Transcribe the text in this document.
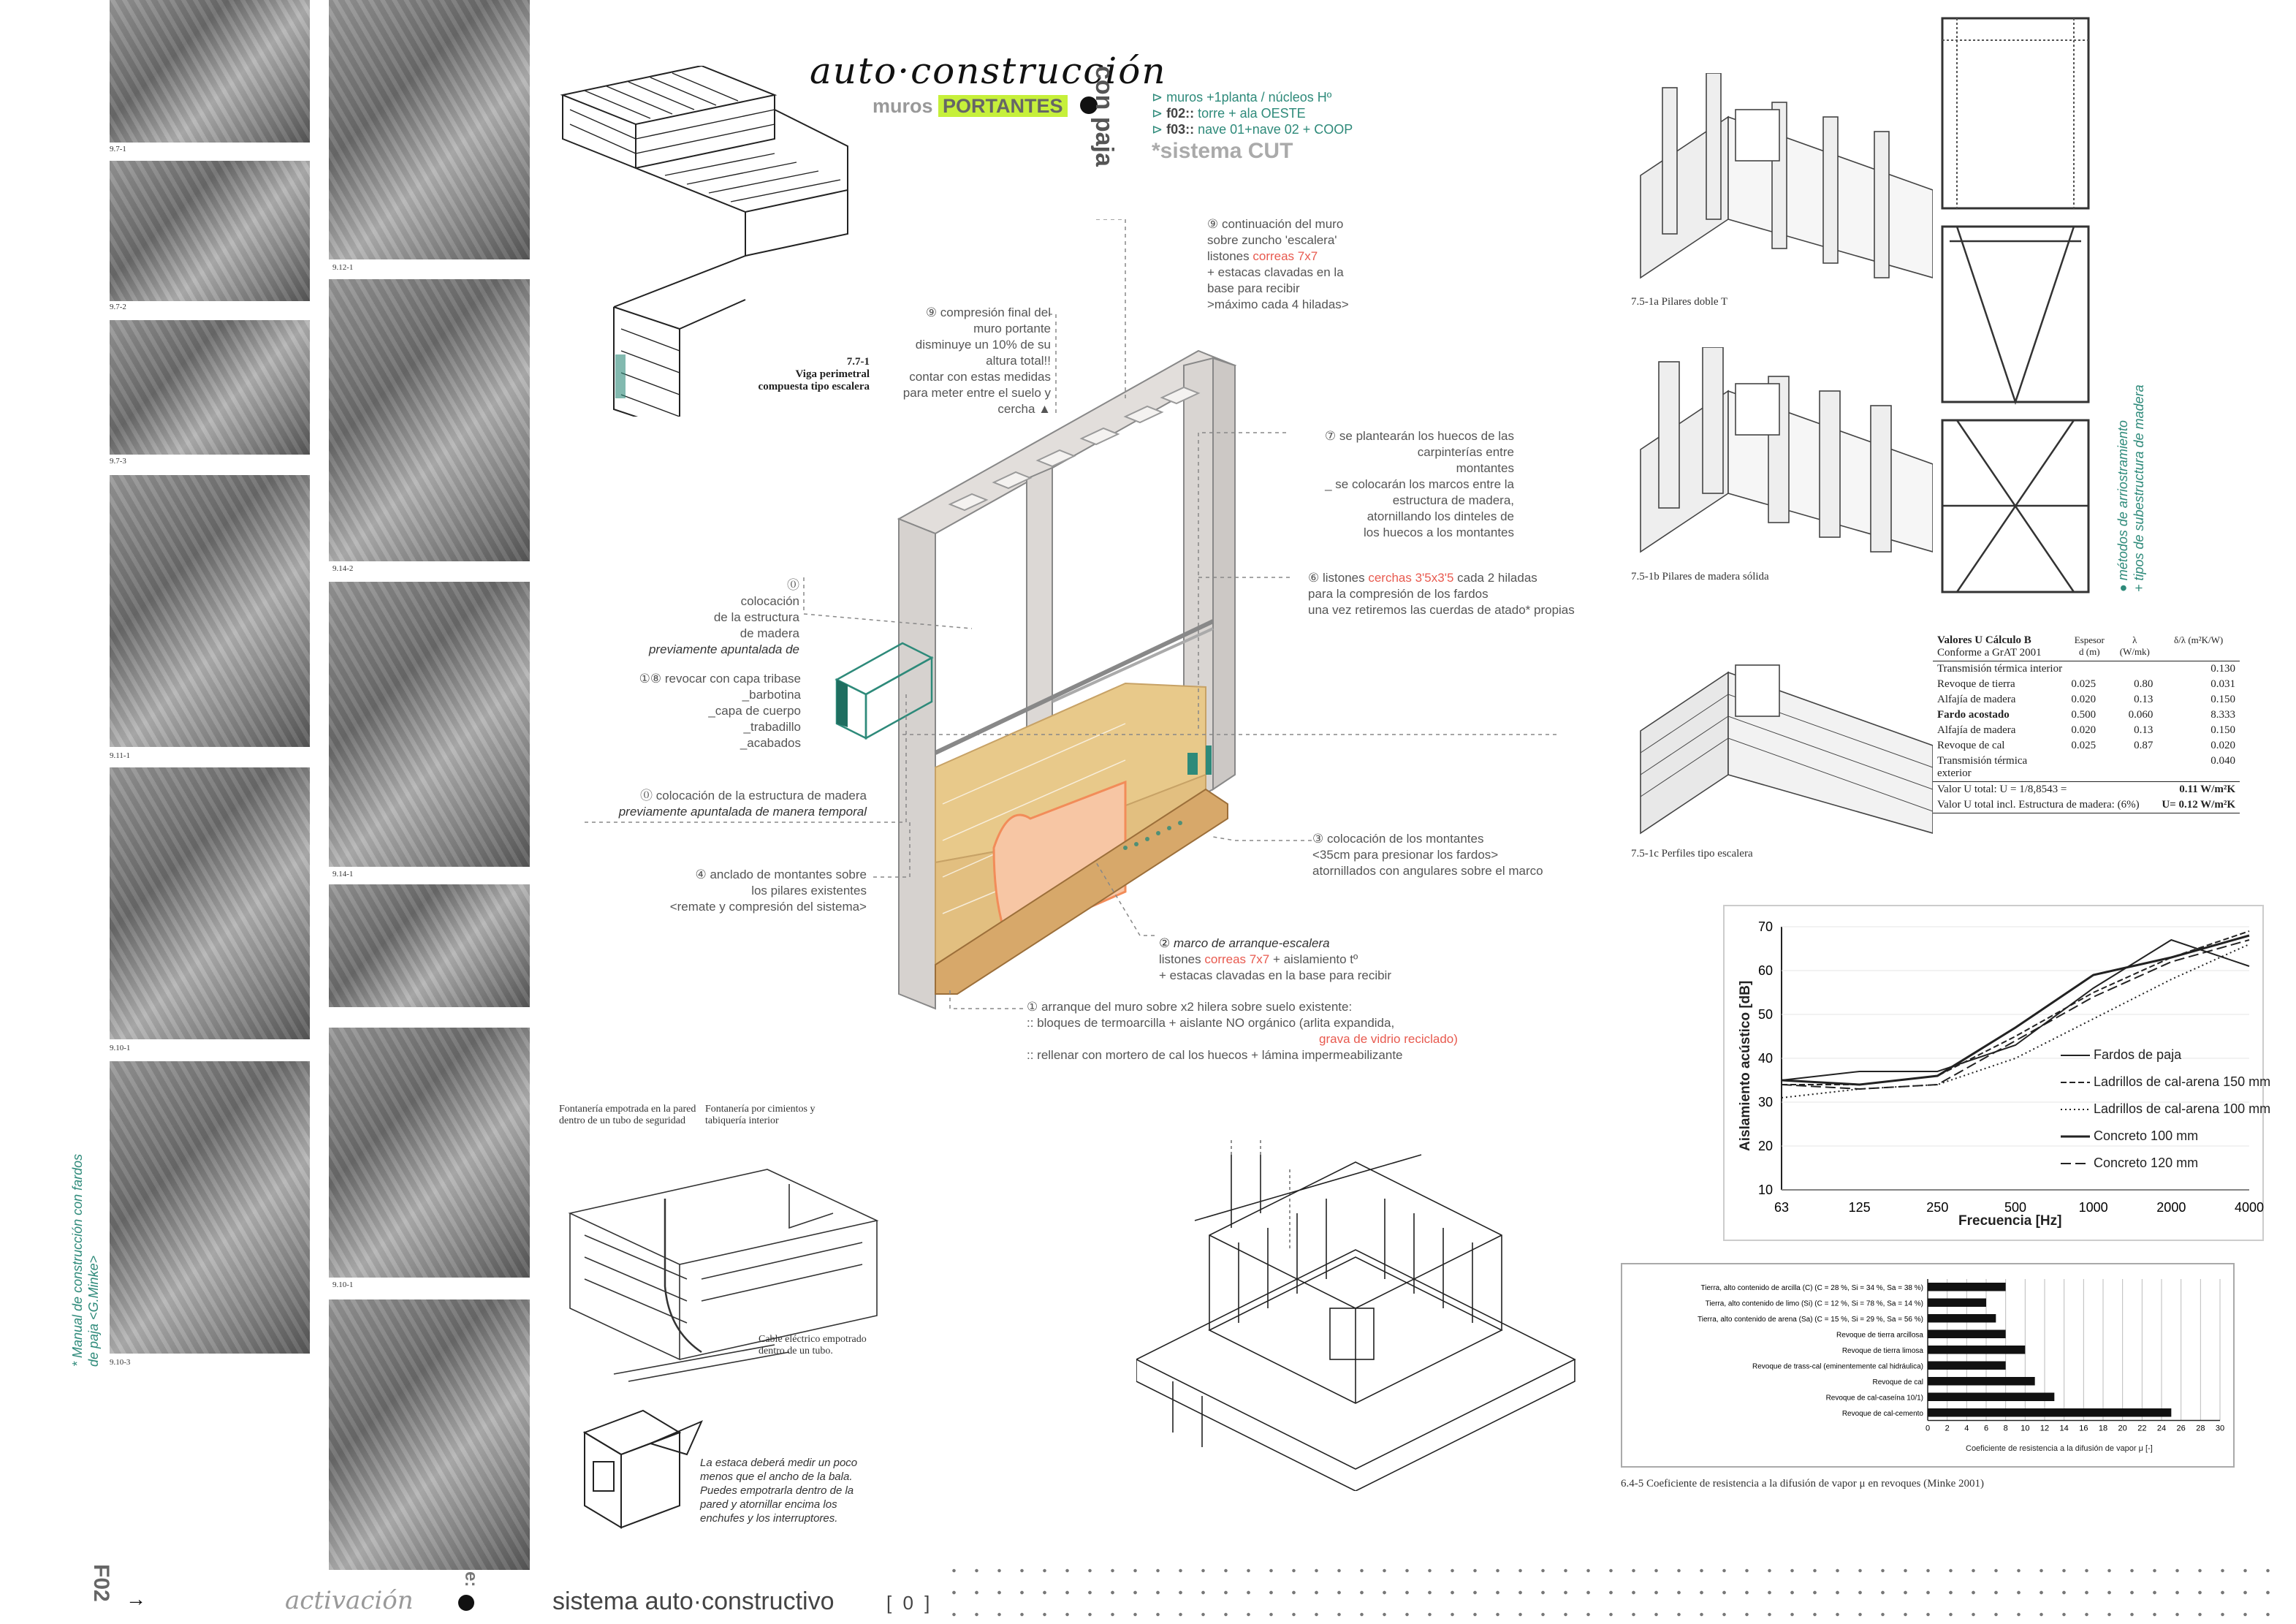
9.7-1
9.7-2
9.7-3
9.11-1
9.10-1
9.10-3
9.12-1
9.14-2
9.14-1
9.10-1
* Manual de construcción con fardos de paja <G.Minke>
auto·construcción
muros PORTANTES con paja	⊳ muros +1planta / núcleos Hº
⊳ f02:: torre + ala OESTE
⊳ f03:: nave 01+nave 02 + COOP
*sistema CUT
7.7-1
Viga perimetral
compuesta tipo escalera
⑨ continuación del muro
sobre zuncho 'escalera'
listones correas 7x7
+ estacas clavadas en la
base para recibir
>máximo cada 4 hiladas>
⑨ compresión final del
muro portante
disminuye un 10% de su
altura total!!
contar con estas medidas
para meter entre el suelo y
cercha ▲
⑦ se plantearán los huecos de las
carpinterías entre
montantes
_ se colocarán los marcos entre la
estructura de madera,
atornillando los dinteles de
los huecos a los montantes
⑥ listones cerchas 3'5x3'5 cada 2 hiladas
para la compresión de los fardos
una vez retiremos las cuerdas de atado* propias
⓪
colocación
de la estructura
de madera
previamente apuntalada de
①⑧ revocar con capa tribase
_barbotina
_capa de cuerpo
_trabadillo
_acabados
⓪ colocación de la estructura de madera
previamente apuntalada de manera temporal
④ anclado de montantes sobre
los pilares existentes
<remate y compresión del sistema>
③ colocación de los montantes
<35cm para presionar los fardos>
atornillados con angulares sobre el marco
② marco de arranque-escalera
listones correas 7x7 + aislamiento tº
+ estacas clavadas en la base para recibir
① arranque del muro sobre x2 hilera sobre suelo existente:
:: bloques de termoarcilla + aislante NO orgánico (arlita expandida,
grava de vidrio reciclado)
:: rellenar con mortero de cal los huecos + lámina impermeabilizante
Fontanería empotrada en la pared dentro de un tubo de seguridad
Fontanería por cimientos y tabiquería interior
Cable eléctrico empotrado dentro de un tubo.
La estaca deberá medir un poco menos que el ancho de la bala. Puedes empotrarla dentro de la pared y atornillar encima los enchufes y los interruptores.
7.5-1a Pilares doble T
7.5-1b Pilares de madera sólida
7.5-1c Perfiles tipo escalera
● métodos de arriostramiento + tipos de subestructura de madera
Valores U Cálculo B
Conforme a GrAT 2001	Espesor d (m)	λ (W/mk)	δ/λ (m²K/W)

Transmisión térmica interior			0.130
Revoque de tierra	0.025	0.80	0.031
Alfajía de madera	0.020	0.13	0.150
Fardo acostado	0.500	0.060	8.333
Alfajía de madera	0.020	0.13	0.150
Revoque de cal	0.025	0.87	0.020
Transmisión térmica exterior			0.040

Valor U total: U = 1/8,8543 =			0.11 W/m²K
Valor U total incl. Estructura de madera: (6%)			U= 0.12 W/m²K

10
20
30
40
50
60
70
63	125	250	500	1000	2000	4000
Aislamiento acústico [dB]
Frecuencia [Hz]
Fardos de paja
Ladrillos de cal-arena 150 mm
Ladrillos de cal-arena 100 mm
Concreto 100 mm
Concreto 120 mm
0 2 4 6 8 10 12 14 16 18 20 22 24 26 28 30
Tierra, alto contenido de arcilla (C) (C = 28 %, Si = 34 %, Sa = 38 %)
Tierra, alto contenido de limo (Si) (C = 12 %, Si = 78 %, Sa = 14 %)
Tierra, alto contenido de arena (Sa) (C = 15 %, Si = 29 %, Sa = 56 %)
Revoque de tierra arcillosa
Revoque de tierra limosa
Revoque de trass-cal (eminentemente cal hidráulica)
Revoque de cal
Revoque de cal-caseína 10/1)
Revoque de cal-cemento
Coeficiente de resistencia a la difusión de vapor μ [-]
6.4-5 Coeficiente de resistencia a la difusión de vapor μ en revoques (Minke 2001)
F02 →	activación
e:
sistema auto·constructivo	[ 0 ]
